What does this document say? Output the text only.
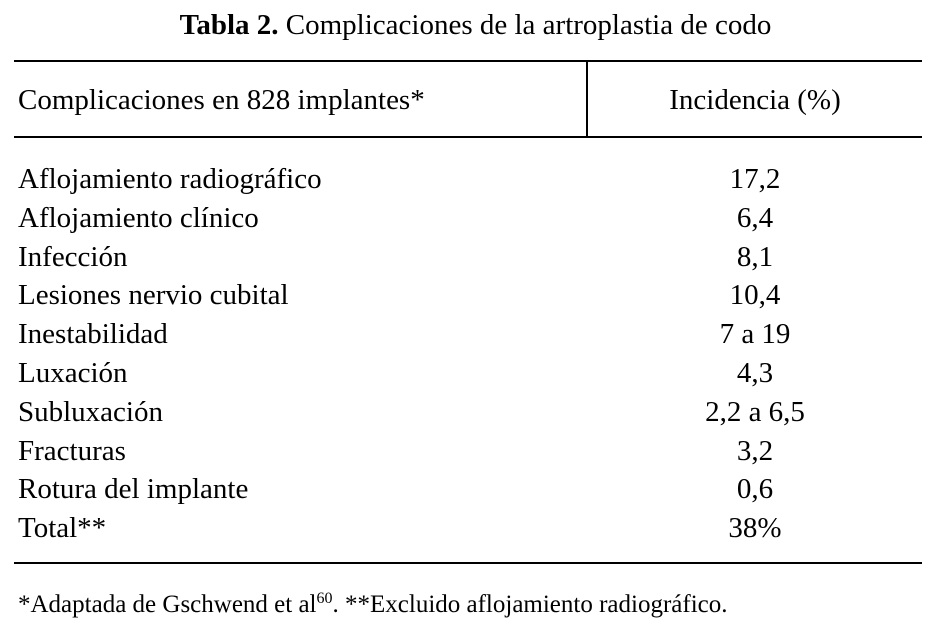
Tabla 2. Complicaciones de la artroplastia de codo
Complicaciones en 828 implantes*	Incidencia (%)
Aflojamiento radiográfico	17,2
Aflojamiento clínico	6,4
Infección	8,1
Lesiones nervio cubital	10,4
Inestabilidad	7 a 19
Luxación	4,3
Subluxación	2,2 a 6,5
Fracturas	3,2
Rotura del implante	0,6
Total**	38%
*Adaptada de Gschwend et $al^{60}$. **Excluido aflojamiento radiográfico.
